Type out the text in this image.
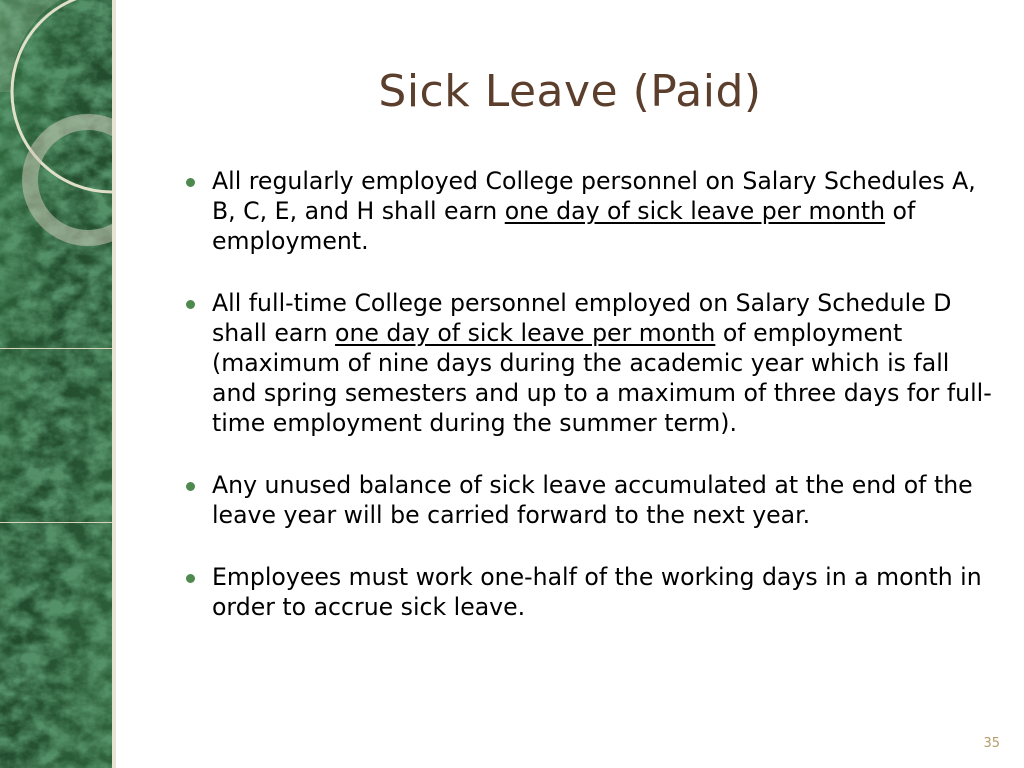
Sick Leave (Paid)
All regularly employed College personnel on Salary Schedules A, B, C, E, and H shall earn one day of sick leave per month of employment.
All full-time College personnel employed on Salary Schedule D shall earn one day of sick leave per month of employment (maximum of nine days during the academic year which is fall and spring semesters and up to a maximum of three days for full-time employment during the summer term).
Any unused balance of sick leave accumulated at the end of the leave year will be carried forward to the next year.
Employees must work one-half of the working days in a month in order to accrue sick leave.
35
